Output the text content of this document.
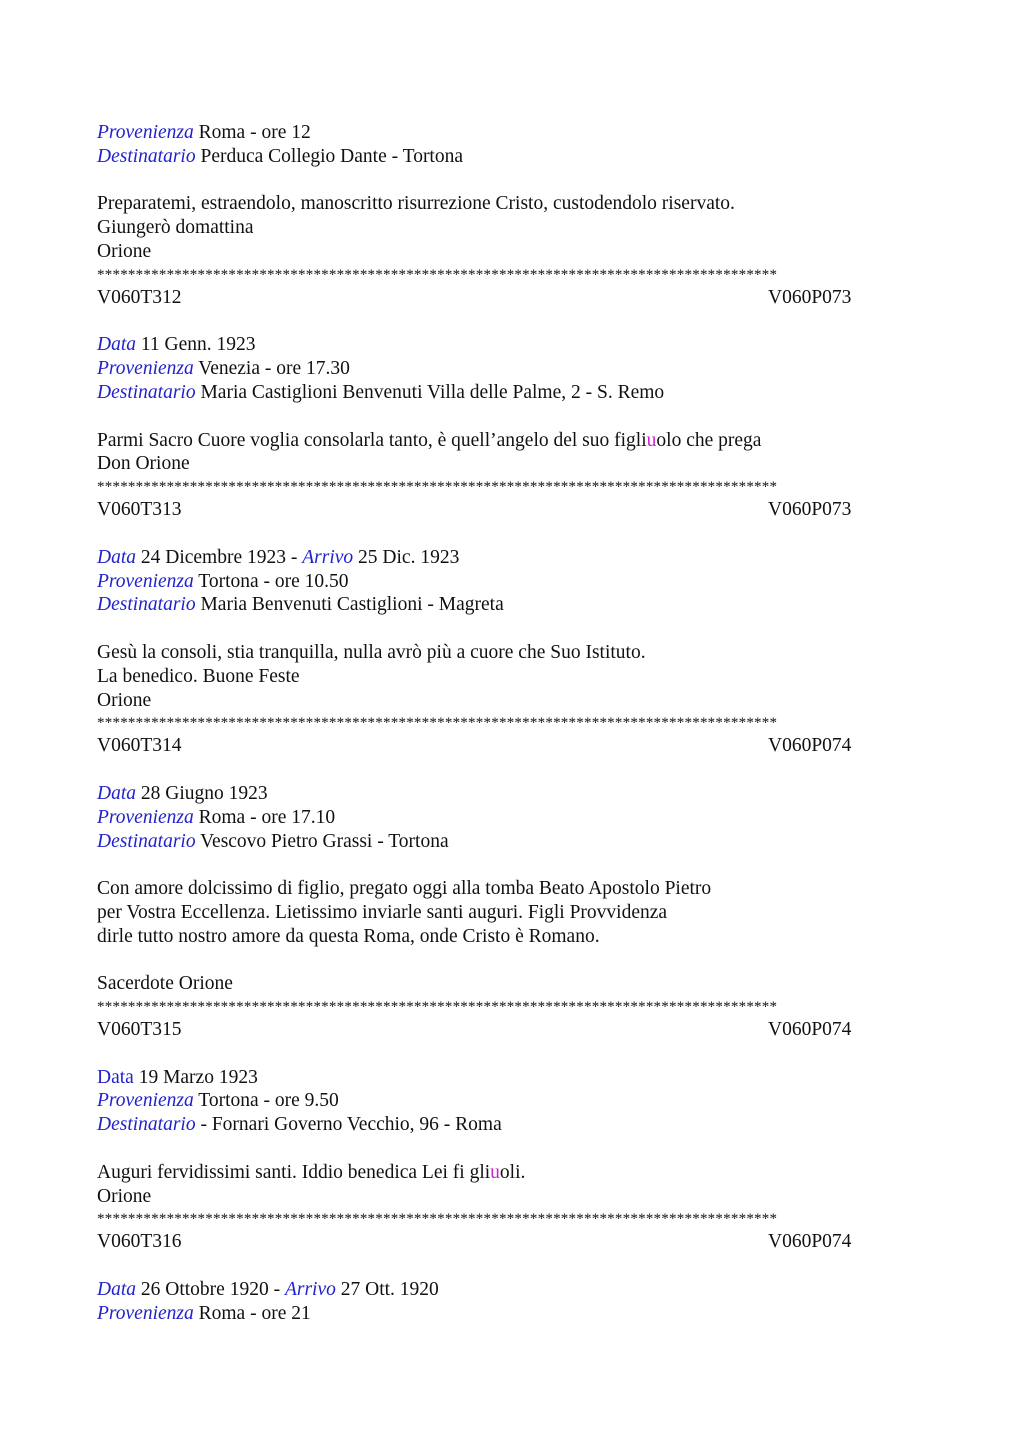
Provenienza Roma - ore 12
Destinatario Perduca Collegio Dante - Tortona
Preparatemi, estraendolo, manoscritto risurrezione Cristo, custodendolo riservato.
Giungerò domattina
Orione
****************************************************************************************
V060T312	V060P073
Data 11 Genn. 1923
Provenienza Venezia - ore 17.30
Destinatario Maria Castiglioni Benvenuti Villa delle Palme, 2 - S. Remo
Parmi Sacro Cuore voglia consolarla tanto, è quell’angelo del suo figliuolo che prega
Don Orione
****************************************************************************************
V060T313	V060P073
Data 24 Dicembre 1923 - Arrivo 25 Dic. 1923
Provenienza Tortona - ore 10.50
Destinatario Maria Benvenuti Castiglioni - Magreta
Gesù la consoli, stia tranquilla, nulla avrò più a cuore che Suo Istituto.
La benedico. Buone Feste
Orione
****************************************************************************************
V060T314	V060P074
Data 28 Giugno 1923
Provenienza Roma - ore 17.10
Destinatario Vescovo Pietro Grassi - Tortona
Con amore dolcissimo di figlio, pregato oggi alla tomba Beato Apostolo Pietro
per Vostra Eccellenza. Lietissimo inviarle santi auguri. Figli Provvidenza
dirle tutto nostro amore da questa Roma, onde Cristo è Romano.
Sacerdote Orione
****************************************************************************************
V060T315	V060P074
Data 19 Marzo 1923
Provenienza Tortona - ore 9.50
Destinatario - Fornari Governo Vecchio, 96 - Roma
Auguri fervidissimi santi. Iddio benedica Lei fi gliuoli.
Orione
****************************************************************************************
V060T316	V060P074
Data 26 Ottobre 1920 - Arrivo 27 Ott. 1920
Provenienza Roma - ore 21
